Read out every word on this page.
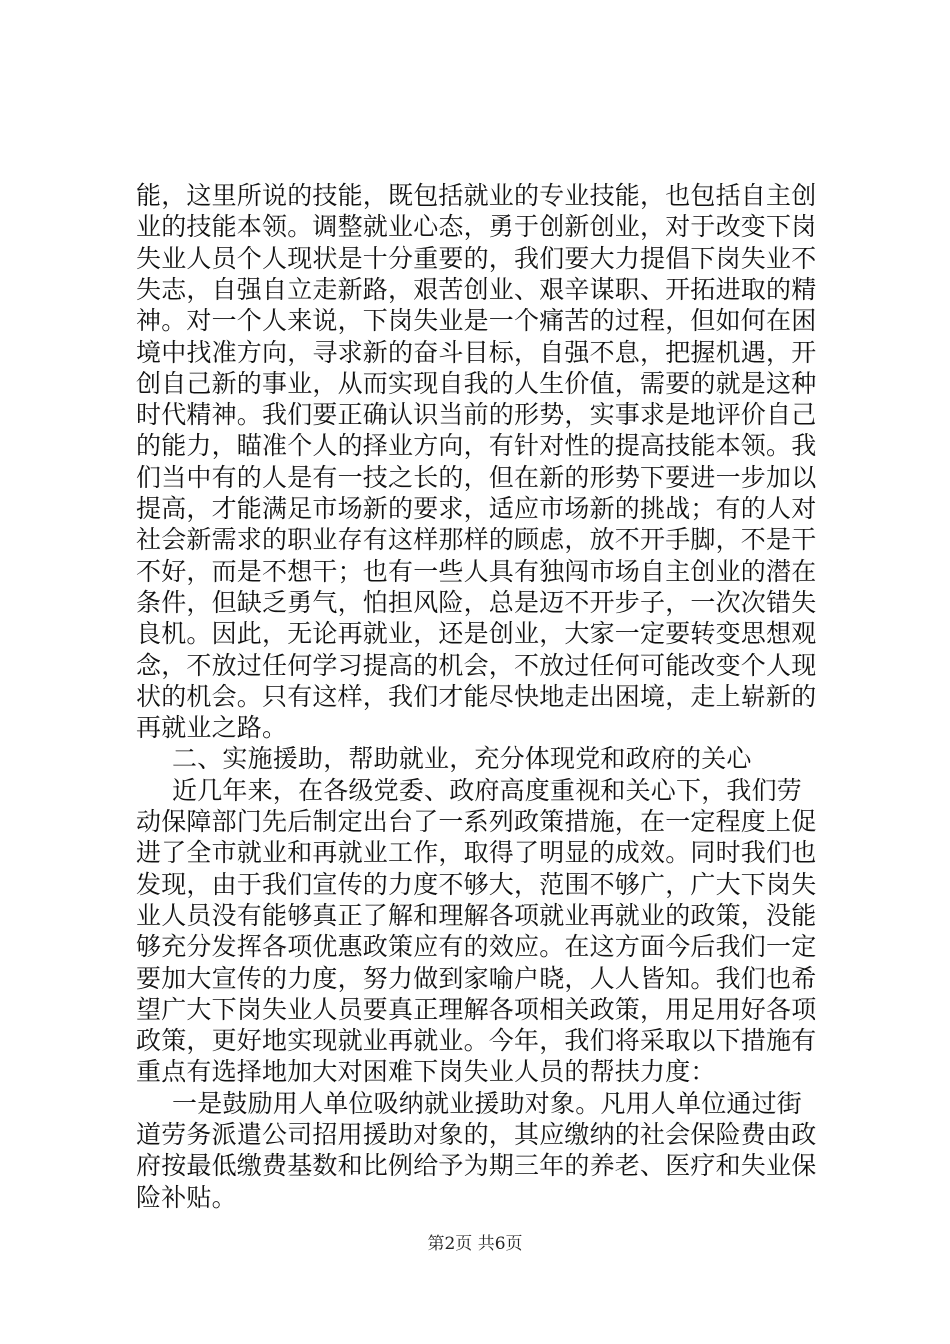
能，这里所说的技能，既包括就业的专业技能，也包括自主创
业的技能本领。调整就业心态，勇于创新创业，对于改变下岗
失业人员个人现状是十分重要的，我们要大力提倡下岗失业不
失志，自强自立走新路，艰苦创业、艰辛谋职、开拓进取的精
神。对一个人来说，下岗失业是一个痛苦的过程，但如何在困
境中找准方向，寻求新的奋斗目标，自强不息，把握机遇，开
创自己新的事业，从而实现自我的人生价值，需要的就是这种
时代精神。我们要正确认识当前的形势，实事求是地评价自己
的能力，瞄准个人的择业方向，有针对性的提高技能本领。我
们当中有的人是有一技之长的，但在新的形势下要进一步加以
提高，才能满足市场新的要求，适应市场新的挑战；有的人对
社会新需求的职业存有这样那样的顾虑，放不开手脚，不是干
不好，而是不想干；也有一些人具有独闯市场自主创业的潜在
条件，但缺乏勇气，怕担风险，总是迈不开步子，一次次错失
良机。因此，无论再就业，还是创业，大家一定要转变思想观
念，不放过任何学习提高的机会，不放过任何可能改变个人现
状的机会。只有这样，我们才能尽快地走出困境，走上崭新的
再就业之路。
二、实施援助，帮助就业，充分体现党和政府的关心
近几年来，在各级党委、政府高度重视和关心下，我们劳
动保障部门先后制定出台了一系列政策措施，在一定程度上促
进了全市就业和再就业工作，取得了明显的成效。同时我们也
发现，由于我们宣传的力度不够大，范围不够广，广大下岗失
业人员没有能够真正了解和理解各项就业再就业的政策，没能
够充分发挥各项优惠政策应有的效应。在这方面今后我们一定
要加大宣传的力度，努力做到家喻户晓，人人皆知。我们也希
望广大下岗失业人员要真正理解各项相关政策，用足用好各项
政策，更好地实现就业再就业。今年，我们将采取以下措施有
重点有选择地加大对困难下岗失业人员的帮扶力度：
一是鼓励用人单位吸纳就业援助对象。凡用人单位通过街
道劳务派遣公司招用援助对象的，其应缴纳的社会保险费由政
府按最低缴费基数和比例给予为期三年的养老、医疗和失业保
险补贴。
第2页 共6页
